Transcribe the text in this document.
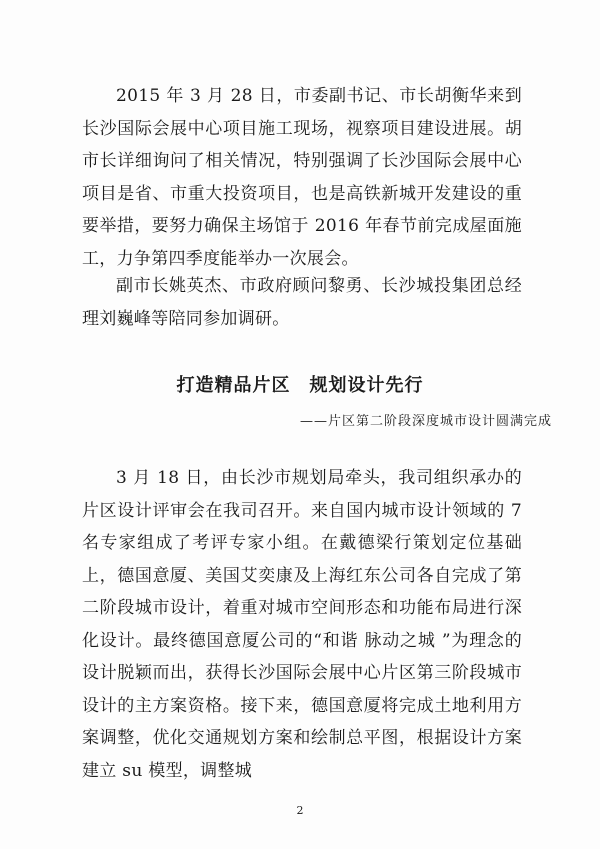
2015 年 3 月 28 日，市委副书记、市长胡衡华来到长沙国际会展中心项目施工现场，视察项目建设进展。胡市长详细询问了相关情况，特别强调了长沙国际会展中心项目是省、市重大投资项目，也是高铁新城开发建设的重要举措，要努力确保主场馆于 2016 年春节前完成屋面施工，力争第四季度能举办一次展会。

副市长姚英杰、市政府顾问黎勇、长沙城投集团总经理刘巍峰等陪同参加调研。

打造精品片区　规划设计先行

——片区第二阶段深度城市设计圆满完成

3 月 18 日，由长沙市规划局牵头，我司组织承办的片区设计评审会在我司召开。来自国内城市设计领域的 7 名专家组成了考评专家小组。在戴德梁行策划定位基础上，德国意厦、美国艾奕康及上海红东公司各自完成了第二阶段城市设计，着重对城市空间形态和功能布局进行深化设计。最终德国意厦公司的“和谐 脉动之城 ”为理念的设计脱颖而出，获得长沙国际会展中心片区第三阶段城市设计的主方案资格。接下来，德国意厦将完成土地利用方案调整，优化交通规划方案和绘制总平图，根据设计方案建立 su 模型，调整城

2
